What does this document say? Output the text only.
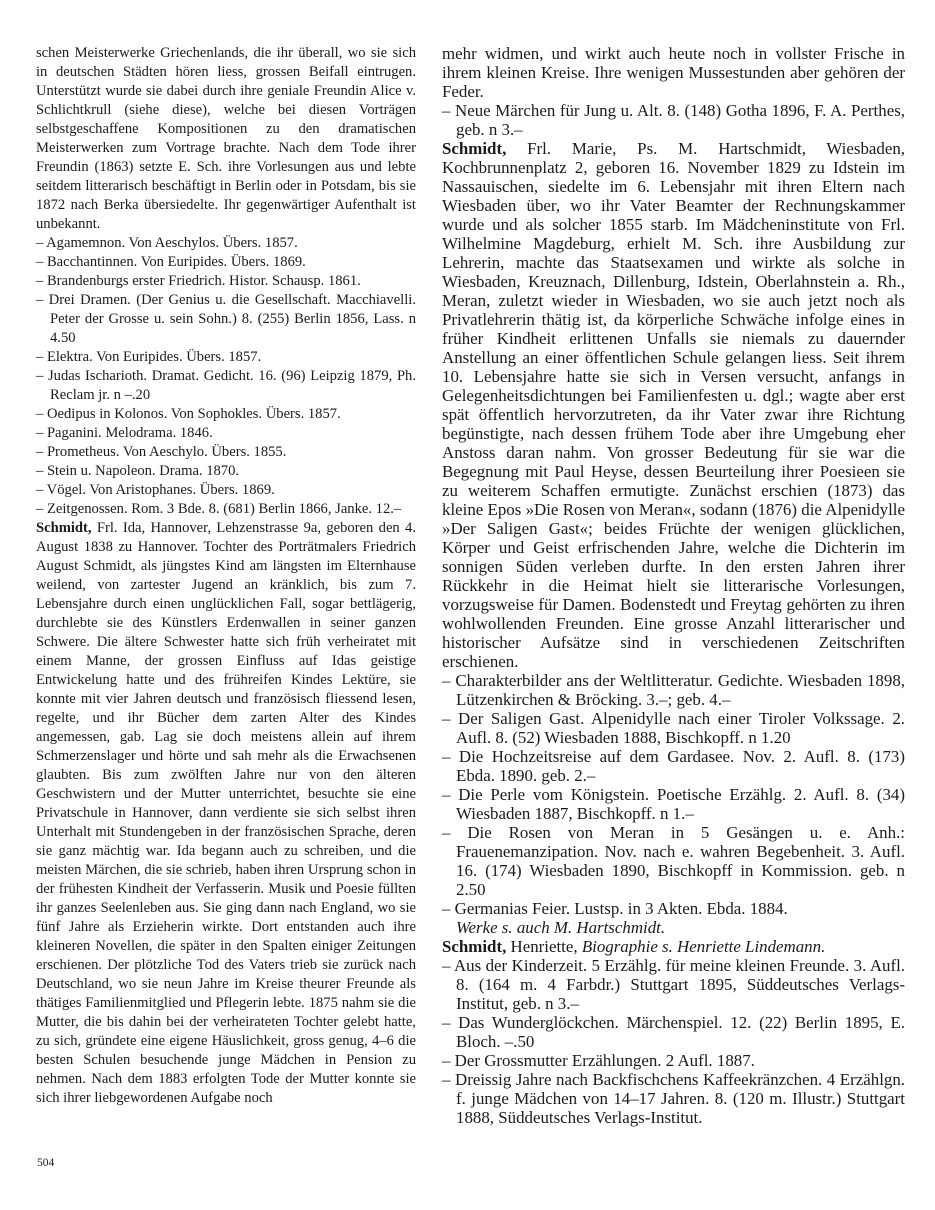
schen Meisterwerke Griechenlands, die ihr überall, wo sie sich in deutschen Städten hören liess, grossen Beifall eintrugen. Unterstützt wurde sie dabei durch ihre geniale Freundin Alice v. Schlichtkrull (siehe diese), welche bei diesen Vorträgen selbstgeschaffene Kompositionen zu den dramatischen Meisterwerken zum Vortrage brachte. Nach dem Tode ihrer Freundin (1863) setzte E. Sch. ihre Vorlesungen aus und lebte seitdem litterarisch beschäftigt in Berlin oder in Potsdam, bis sie 1872 nach Berka übersiedelte. Ihr gegenwärtiger Aufenthalt ist unbekannt.

– Agamemnon. Von Aeschylos. Übers. 1857.
– Bacchantinnen. Von Euripides. Übers. 1869.
– Brandenburgs erster Friedrich. Histor. Schausp. 1861.
– Drei Dramen. (Der Genius u. die Gesellschaft. Macchiavelli. Peter der Grosse u. sein Sohn.) 8. (255) Berlin 1856, Lass. n 4.50
– Elektra. Von Euripides. Übers. 1857.
– Judas Ischarioth. Dramat. Gedicht. 16. (96) Leipzig 1879, Ph. Reclam jr. n –.20
– Oedipus in Kolonos. Von Sophokles. Übers. 1857.
– Paganini. Melodrama. 1846.
– Prometheus. Von Aeschylo. Übers. 1855.
– Stein u. Napoleon. Drama. 1870.
– Vögel. Von Aristophanes. Übers. 1869.
– Zeitgenossen. Rom. 3 Bde. 8. (681) Berlin 1866, Janke. 12.–

Schmidt, Frl. Ida, Hannover, Lehzenstrasse 9a, geboren den 4. August 1838 zu Hannover. Tochter des Porträtmalers Friedrich August Schmidt, als jüngstes Kind am längsten im Elternhause weilend, von zartester Jugend an kränklich, bis zum 7. Lebensjahre durch einen unglücklichen Fall, sogar bettlägerig, durchlebte sie des Künstlers Erdenwallen in seiner ganzen Schwere. Die ältere Schwester hatte sich früh verheiratet mit einem Manne, der grossen Einfluss auf Idas geistige Entwickelung hatte und des frühreifen Kindes Lektüre, sie konnte mit vier Jahren deutsch und französisch fliessend lesen, regelte, und ihr Bücher dem zarten Alter des Kindes angemessen, gab. Lag sie doch meistens allein auf ihrem Schmerzenslager und hörte und sah mehr als die Erwachsenen glaubten. Bis zum zwölften Jahre nur von den älteren Geschwistern und der Mutter unterrichtet, besuchte sie eine Privatschule in Hannover, dann verdiente sie sich selbst ihren Unterhalt mit Stundengeben in der französischen Sprache, deren sie ganz mächtig war. Ida begann auch zu schreiben, und die meisten Märchen, die sie schrieb, haben ihren Ursprung schon in der frühesten Kindheit der Verfasserin. Musik und Poesie füllten ihr ganzes Seelenleben aus. Sie ging dann nach England, wo sie fünf Jahre als Erzieherin wirkte. Dort entstanden auch ihre kleineren Novellen, die später in den Spalten einiger Zeitungen erschienen. Der plötzliche Tod des Vaters trieb sie zurück nach Deutschland, wo sie neun Jahre im Kreise theurer Freunde als thätiges Familienmitglied und Pflegerin lebte. 1875 nahm sie die Mutter, die bis dahin bei der verheirateten Tochter gelebt hatte, zu sich, gründete eine eigene Häuslichkeit, gross genug, 4–6 die besten Schulen besuchende junge Mädchen in Pension zu nehmen. Nach dem 1883 erfolgten Tode der Mutter konnte sie sich ihrer liebgewordenen Aufgabe noch

mehr widmen, und wirkt auch heute noch in vollster Frische in ihrem kleinen Kreise. Ihre wenigen Mussestunden aber gehören der Feder.

– Neue Märchen für Jung u. Alt. 8. (148) Gotha 1896, F. A. Perthes, geb. n 3.–

Schmidt, Frl. Marie, Ps. M. Hartschmidt, Wiesbaden, Kochbrunnenplatz 2, geboren 16. November 1829 zu Idstein im Nassauischen, siedelte im 6. Lebensjahr mit ihren Eltern nach Wiesbaden über, wo ihr Vater Beamter der Rechnungskammer wurde und als solcher 1855 starb. Im Mädcheninstitute von Frl. Wilhelmine Magdeburg, erhielt M. Sch. ihre Ausbildung zur Lehrerin, machte das Staatsexamen und wirkte als solche in Wiesbaden, Kreuznach, Dillenburg, Idstein, Oberlahnstein a. Rh., Meran, zuletzt wieder in Wiesbaden, wo sie auch jetzt noch als Privatlehrerin thätig ist, da körperliche Schwäche infolge eines in früher Kindheit erlittenen Unfalls sie niemals zu dauernder Anstellung an einer öffentlichen Schule gelangen liess. Seit ihrem 10. Lebensjahre hatte sie sich in Versen versucht, anfangs in Gelegenheitsdichtungen bei Familienfesten u. dgl.; wagte aber erst spät öffentlich hervorzutreten, da ihr Vater zwar ihre Richtung begünstigte, nach dessen frühem Tode aber ihre Umgebung eher Anstoss daran nahm. Von grosser Bedeutung für sie war die Begegnung mit Paul Heyse, dessen Beurteilung ihrer Poesieen sie zu weiterem Schaffen ermutigte. Zunächst erschien (1873) das kleine Epos »Die Rosen von Meran«, sodann (1876) die Alpenidylle »Der Saligen Gast«; beides Früchte der wenigen glücklichen, Körper und Geist erfrischenden Jahre, welche die Dichterin im sonnigen Süden verleben durfte. In den ersten Jahren ihrer Rückkehr in die Heimat hielt sie litterarische Vorlesungen, vorzugsweise für Damen. Bodenstedt und Freytag gehörten zu ihren wohlwollenden Freunden. Eine grosse Anzahl litterarischer und historischer Aufsätze sind in verschiedenen Zeitschriften erschienen.

– Charakterbilder ans der Weltlitteratur. Gedichte. Wiesbaden 1898, Lützenkirchen & Bröcking. 3.–; geb. 4.–
– Der Saligen Gast. Alpenidylle nach einer Tiroler Volkssage. 2. Aufl. 8. (52) Wiesbaden 1888, Bischkopff. n 1.20
– Die Hochzeitsreise auf dem Gardasee. Nov. 2. Aufl. 8. (173) Ebda. 1890. geb. 2.–
– Die Perle vom Königstein. Poetische Erzählg. 2. Aufl. 8. (34) Wiesbaden 1887, Bischkopff. n 1.–
– Die Rosen von Meran in 5 Gesängen u. e. Anh.: Frauenemanzipation. Nov. nach e. wahren Begebenheit. 3. Aufl. 16. (174) Wiesbaden 1890, Bischkopff in Kommission. geb. n 2.50
– Germanias Feier. Lustsp. in 3 Akten. Ebda. 1884.

Werke s. auch M. Hartschmidt.

Schmidt, Henriette, Biographie s. Henriette Lindemann.

– Aus der Kinderzeit. 5 Erzählg. für meine kleinen Freunde. 3. Aufl. 8. (164 m. 4 Farbdr.) Stuttgart 1895, Süddeutsches Verlags-Institut, geb. n 3.–
– Das Wunderglöckchen. Märchenspiel. 12. (22) Berlin 1895, E. Bloch. –.50
– Der Grossmutter Erzählungen. 2 Aufl. 1887.
– Dreissig Jahre nach Backfischchens Kaffeekränzchen. 4 Erzählgn. f. junge Mädchen von 14–17 Jahren. 8. (120 m. Illustr.) Stuttgart 1888, Süddeutsches Verlags-Institut.
504
